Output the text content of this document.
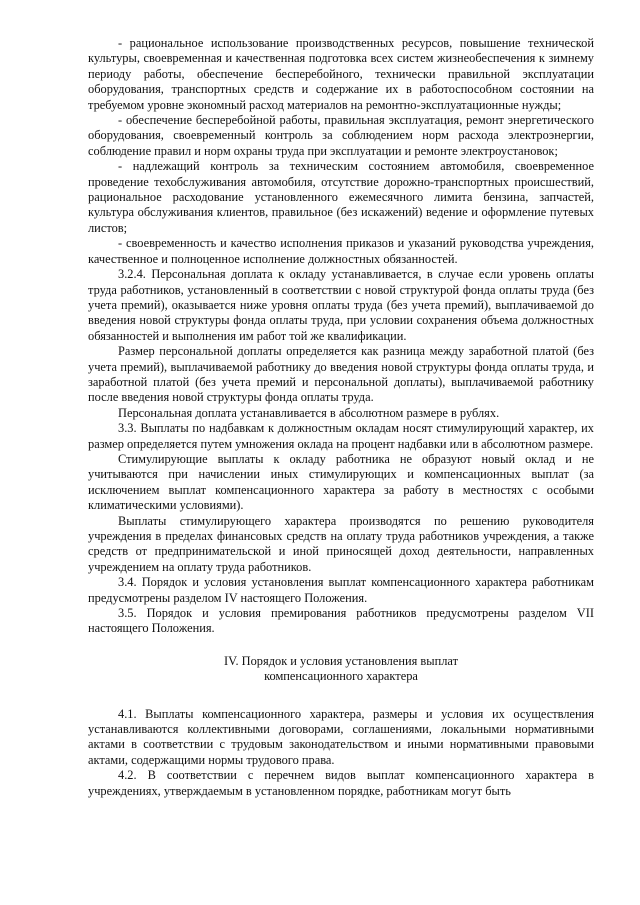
- рациональное использование производственных ресурсов, повышение технической культуры, своевременная и качественная подготовка всех систем жизнеобеспечения к зимнему периоду работы, обеспечение бесперебойного, технически правильной эксплуатации оборудования, транспортных средств и содержание их в работоспособном состоянии на требуемом уровне экономный расход материалов на ремонтно-эксплуатационные нужды;

- обеспечение бесперебойной работы, правильная эксплуатация, ремонт энергетического оборудования, своевременный контроль за соблюдением норм расхода электроэнергии, соблюдение правил и норм охраны труда при эксплуатации и ремонте электроустановок;

- надлежащий контроль за техническим состоянием автомобиля, своевременное проведение техобслуживания автомобиля, отсутствие дорожно-транспортных происшествий, рациональное расходование установленного ежемесячного лимита бензина, запчастей, культура обслуживания клиентов, правильное (без искажений) ведение и оформление путевых листов;

- своевременность и качество исполнения приказов и указаний руководства учреждения, качественное и полноценное исполнение должностных обязанностей.

3.2.4. Персональная доплата к окладу устанавливается, в случае если уровень оплаты труда работников, установленный в соответствии с новой структурой фонда оплаты труда (без учета премий), оказывается ниже уровня оплаты труда (без учета премий), выплачиваемой до введения новой структуры фонда оплаты труда, при условии сохранения объема должностных обязанностей и выполнения им работ той же квалификации.

Размер персональной доплаты определяется как разница между заработной платой (без учета премий), выплачиваемой работнику до введения новой структуры фонда оплаты труда, и заработной платой (без учета премий и персональной доплаты), выплачиваемой работнику после введения новой структуры фонда оплаты труда.

Персональная доплата устанавливается в абсолютном размере в рублях.

3.3. Выплаты по надбавкам к должностным окладам носят стимулирующий характер, их размер определяется путем умножения оклада на процент надбавки или в абсолютном размере.

Стимулирующие выплаты к окладу работника не образуют новый оклад и не учитываются при начислении иных стимулирующих и компенсационных выплат (за исключением выплат компенсационного характера за работу в местностях с особыми климатическими условиями).

Выплаты стимулирующего характера производятся по решению руководителя учреждения в пределах финансовых средств на оплату труда работников учреждения, а также средств от предпринимательской и иной приносящей доход деятельности, направленных учреждением на оплату труда работников.

3.4. Порядок и условия установления выплат компенсационного характера работникам предусмотрены разделом IV настоящего Положения.

3.5. Порядок и условия премирования работников предусмотрены разделом VII настоящего Положения.

IV. Порядок и условия установления выплат
компенсационного характера

4.1. Выплаты компенсационного характера, размеры и условия их осуществления устанавливаются коллективными договорами, соглашениями, локальными нормативными актами в соответствии с трудовым законодательством и иными нормативными правовыми актами, содержащими нормы трудового права.

4.2. В соответствии с перечнем видов выплат компенсационного характера в учреждениях, утверждаемым в установленном порядке, работникам могут быть
